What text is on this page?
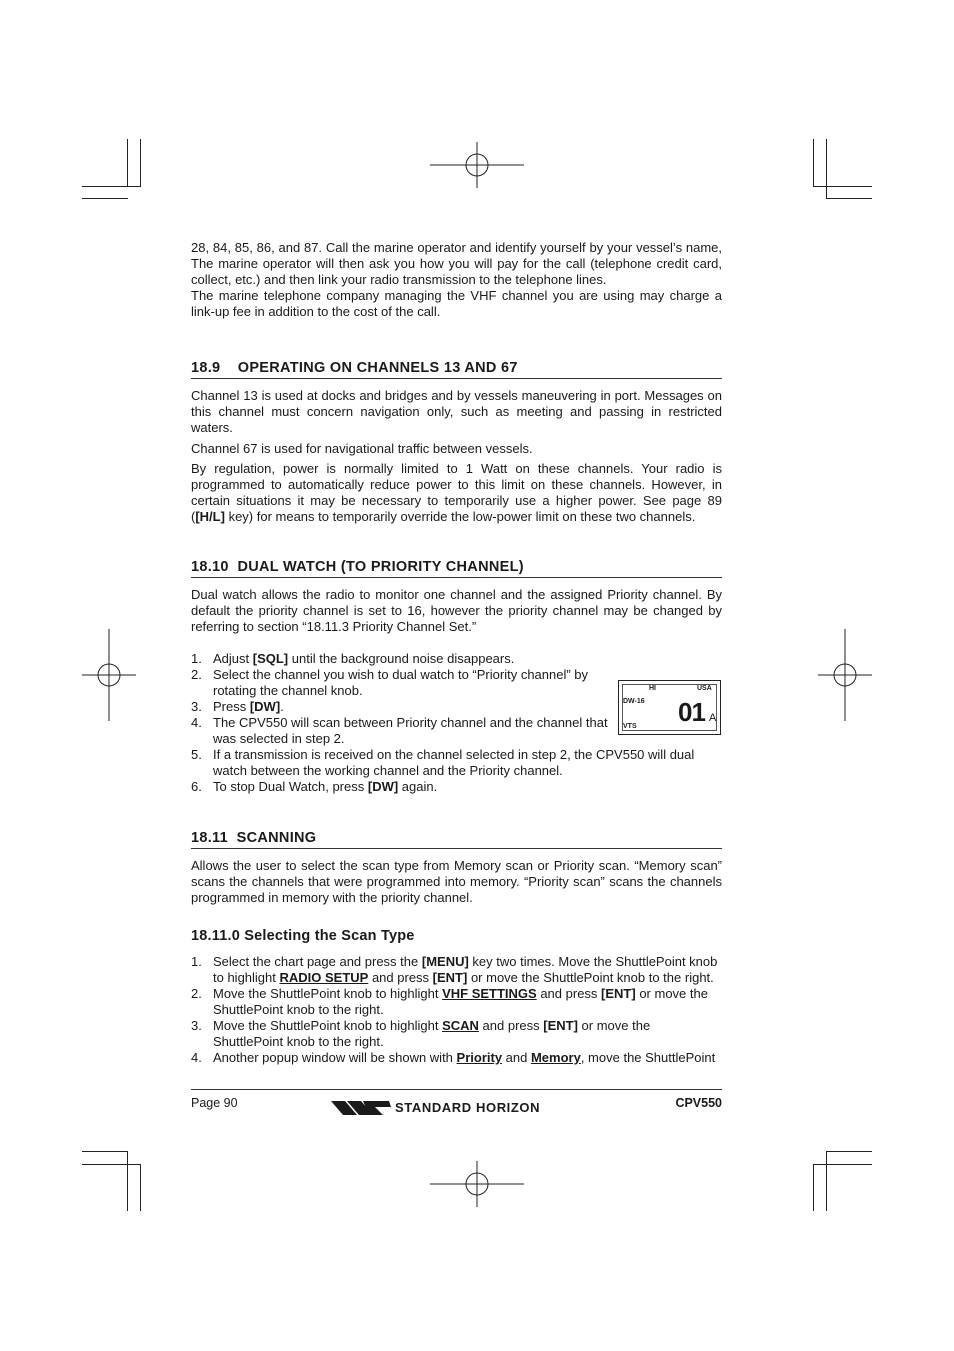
28, 84, 85, 86, and 87. Call the marine operator and identify yourself by your vessel’s name, The marine operator will then ask you how you will pay for the call (telephone credit card, collect, etc.) and then link your radio transmission to the telephone lines.

The marine telephone company managing the VHF channel you are using may charge a link-up fee in addition to the cost of the call.

18.9    OPERATING ON CHANNELS 13 AND 67

Channel 13 is used at docks and bridges and by vessels maneuvering in port. Messages on this channel must concern navigation only, such as meeting and passing in restricted waters.

Channel 67 is used for navigational traffic between vessels.

By regulation, power is normally limited to 1 Watt on these channels. Your radio is programmed to automatically reduce power to this limit on these channels. However, in certain situations it may be necessary to temporarily use a higher power. See page 89 ([H/L] key) for means to temporarily override the low-power limit on these two channels.

18.10  DUAL WATCH (TO PRIORITY CHANNEL)

Dual watch allows the radio to monitor one channel and the assigned Priority channel. By default the priority channel is set to 16, however the priority channel may be changed by referring to section “18.11.3 Priority Channel Set.”

1. Adjust [SQL] until the background noise disappears.
2. Select the channel you wish to dual watch to “Priority channel” by rotating the channel knob.
3. Press [DW].
4. The CPV550 will scan between Priority channel and the channel that was selected in step 2.
5. If a transmission is received on the channel selected in step 2, the CPV550 will dual watch between the working channel and the Priority channel.
6. To stop Dual Watch, press [DW] again.
18.11  SCANNING

Allows the user to select the scan type from Memory scan or Priority scan. “Memory scan” scans the channels that were programmed into memory. “Priority scan” scans the channels programmed in memory with the priority channel.

18.11.0 Selecting the Scan Type
1. Select the chart page and press the [MENU] key two times. Move the ShuttlePoint knob to highlight RADIO SETUP and press [ENT] or move the ShuttlePoint knob to the right.
2. Move the ShuttlePoint knob to highlight VHF SETTINGS and press [ENT] or move the ShuttlePoint knob to the right.
3. Move the ShuttlePoint knob to highlight SCAN and press [ENT] or move the ShuttlePoint knob to the right.
4. Another popup window will be shown with Priority and Memory, move the ShuttlePoint
HI	USA
DW-16
VTS 01 A
Page 90	STANDARD HORIZON	CPV550
